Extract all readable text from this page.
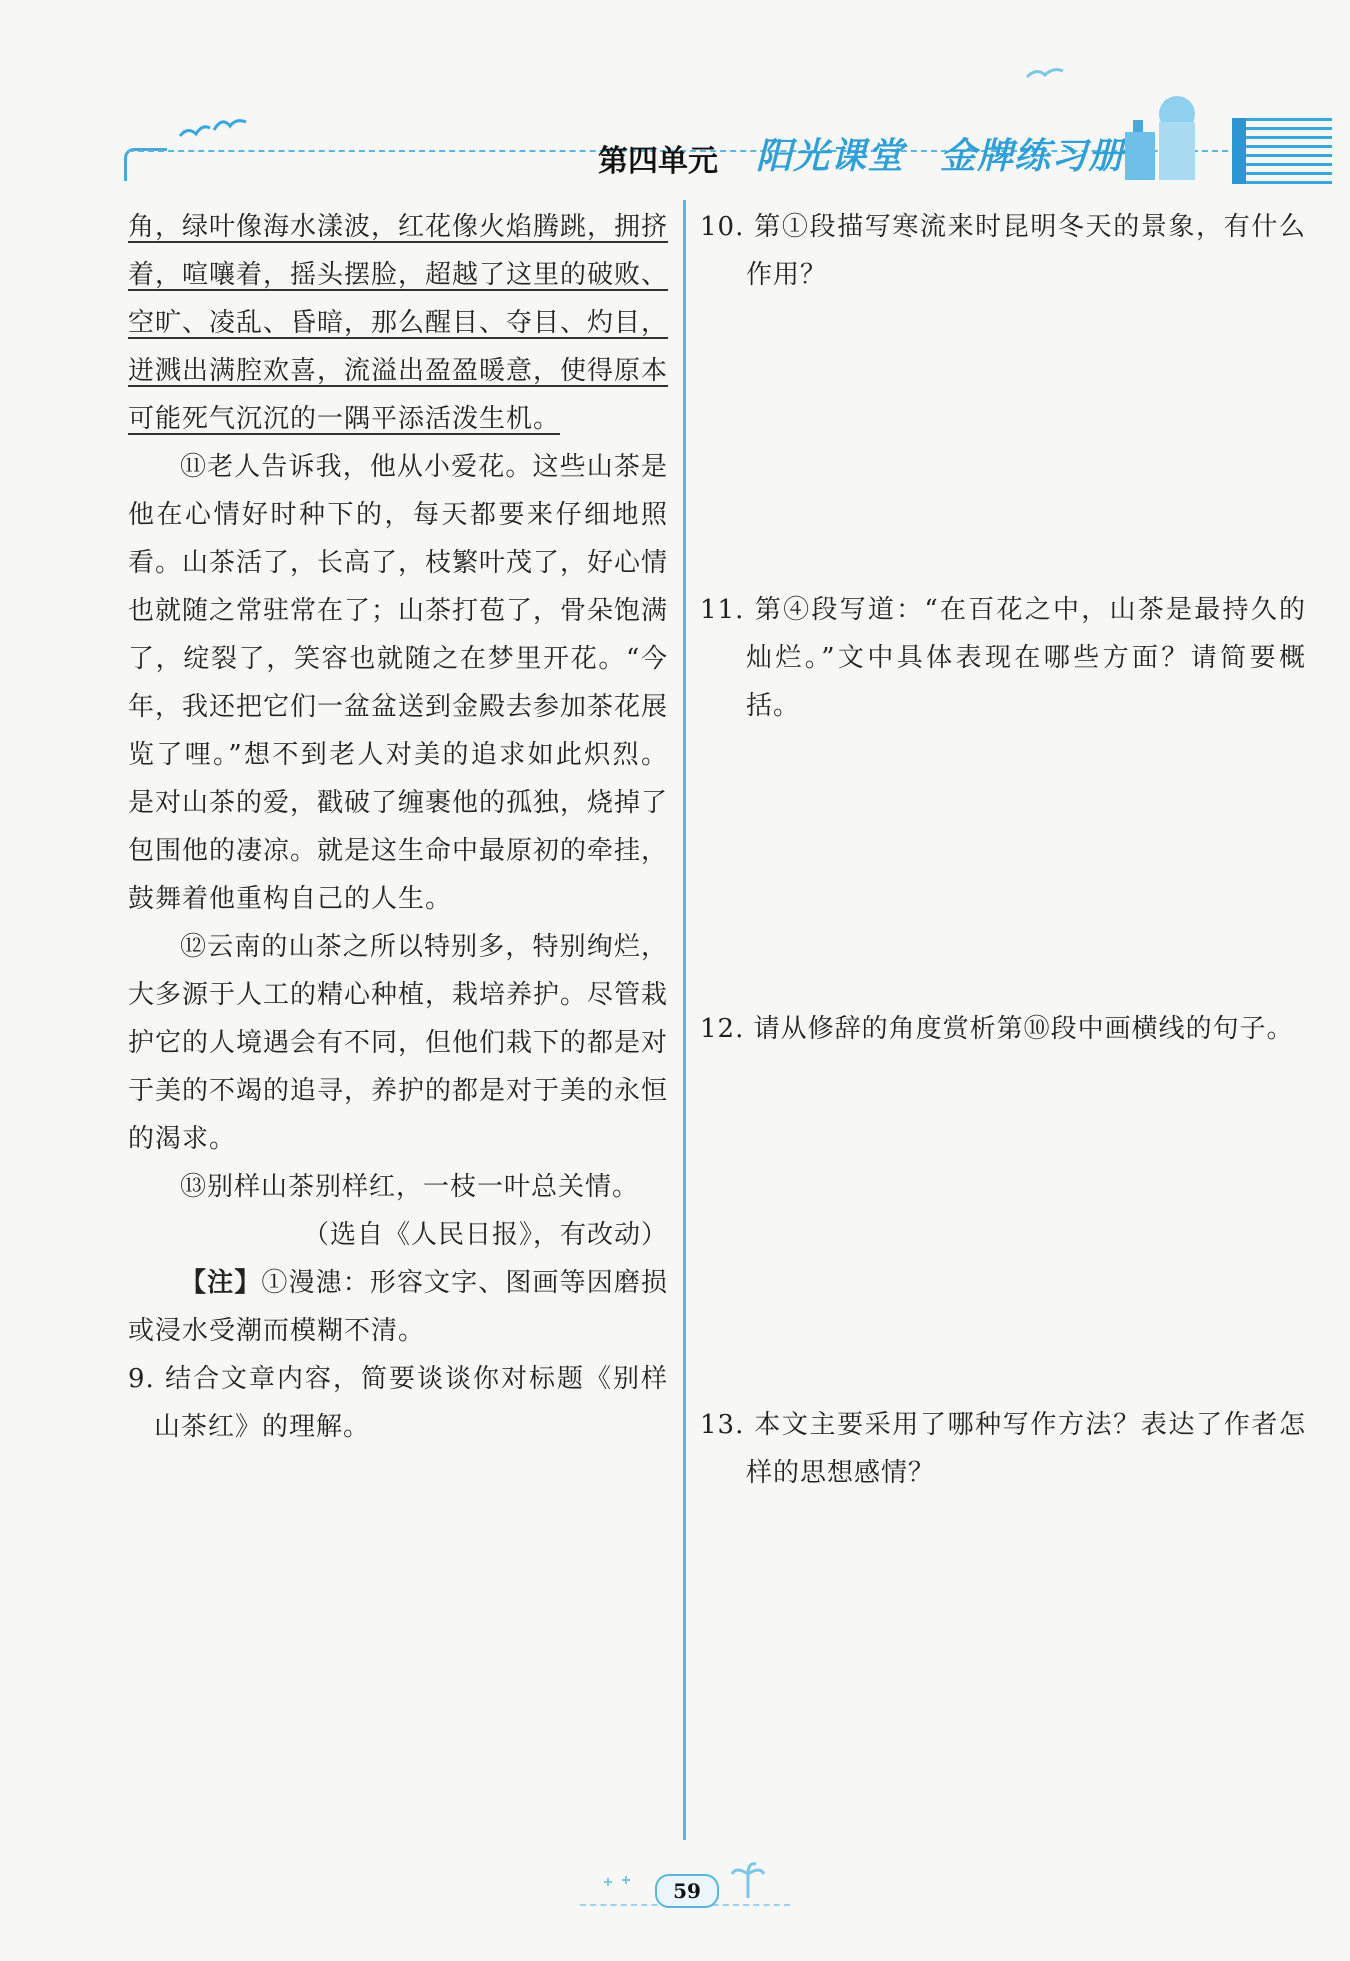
第四单元 阳光课堂 金牌练习册

角，绿叶像海水漾波，红花像火焰腾跳，拥挤着，喧嚷着，摇头摆脸，超越了这里的破败、空旷、凌乱、昏暗，那么醒目、夺目、灼目，迸溅出满腔欢喜，流溢出盈盈暖意，使得原本可能死气沉沉的一隅平添活泼生机。

⑪老人告诉我，他从小爱花。这些山茶是他在心情好时种下的，每天都要来仔细地照看。山茶活了，长高了，枝繁叶茂了，好心情也就随之常驻常在了；山茶打苞了，骨朵饱满了，绽裂了，笑容也就随之在梦里开花。“今年，我还把它们一盆盆送到金殿去参加茶花展览了哩。”想不到老人对美的追求如此炽烈。是对山茶的爱，戳破了缠裹他的孤独，烧掉了包围他的凄凉。就是这生命中最原初的牵挂，鼓舞着他重构自己的人生。

⑫云南的山茶之所以特别多，特别绚烂，大多源于人工的精心种植，栽培养护。尽管栽护它的人境遇会有不同，但他们栽下的都是对于美的不竭的追寻，养护的都是对于美的永恒的渴求。

⑬别样山茶别样红，一枝一叶总关情。

（选自《人民日报》，有改动）

【注】①漫漶：形容文字、图画等因磨损或浸水受潮而模糊不清。

9. 结合文章内容，简要谈谈你对标题《别样山茶红》的理解。

10. 第①段描写寒流来时昆明冬天的景象，有什么作用？

11. 第④段写道：“在百花之中，山茶是最持久的灿烂。”文中具体表现在哪些方面？请简要概括。

12. 请从修辞的角度赏析第⑩段中画横线的句子。

13. 本文主要采用了哪种写作方法？表达了作者怎样的思想感情？

59
